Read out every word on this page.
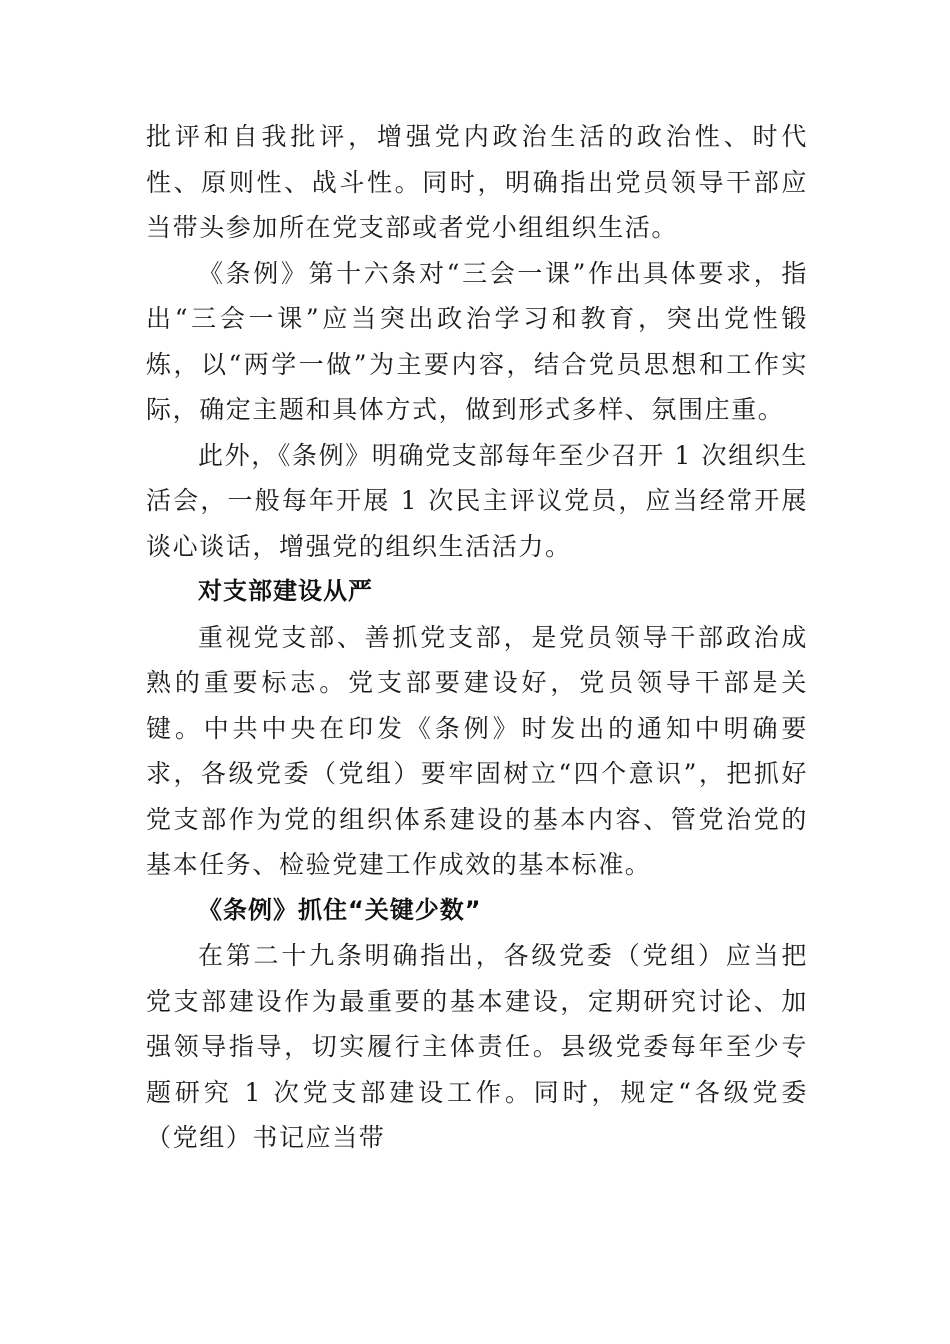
批评和自我批评，增强党内政治生活的政治性、时代性、原则性、战斗性。同时，明确指出党员领导干部应当带头参加所在党支部或者党小组组织生活。

《条例》第十六条对“三会一课”作出具体要求，指出“三会一课”应当突出政治学习和教育，突出党性锻炼，以“两学一做”为主要内容，结合党员思想和工作实际，确定主题和具体方式，做到形式多样、氛围庄重。

此外，《条例》明确党支部每年至少召开 1 次组织生活会，一般每年开展 1 次民主评议党员，应当经常开展谈心谈话，增强党的组织生活活力。

对支部建设从严

重视党支部、善抓党支部，是党员领导干部政治成熟的重要标志。党支部要建设好，党员领导干部是关键。中共中央在印发《条例》时发出的通知中明确要求，各级党委（党组）要牢固树立“四个意识”，把抓好党支部作为党的组织体系建设的基本内容、管党治党的基本任务、检验党建工作成效的基本标准。

《条例》抓住“关键少数”

在第二十九条明确指出，各级党委（党组）应当把党支部建设作为最重要的基本建设，定期研究讨论、加强领导指导，切实履行主体责任。县级党委每年至少专题研究 1 次党支部建设工作。同时，规定“各级党委（党组）书记应当带
